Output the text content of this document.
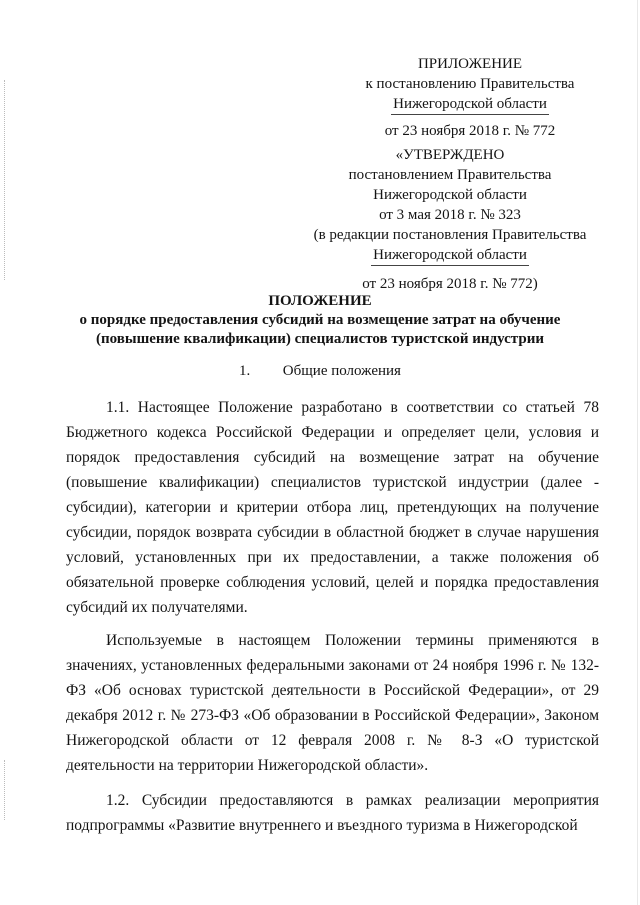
ПРИЛОЖЕНИЕ
к постановлению Правительства
Нижегородской области
от 23 ноября 2018 г. № 772
«УТВЕРЖДЕНО
постановлением Правительства
Нижегородской области
от 3 мая 2018 г. № 323
(в редакции постановления Правительства
Нижегородской области
от 23 ноября 2018 г. № 772)
ПОЛОЖЕНИЕ
о порядке предоставления субсидий на возмещение затрат на обучение
(повышение квалификации) специалистов туристской индустрии
1. Общие положения
1.1. Настоящее Положение разработано в соответствии со статьей 78 Бюджетного кодекса Российской Федерации и определяет цели, условия и порядок предоставления субсидий на возмещение затрат на обучение (повышение квалификации) специалистов туристской индустрии (далее - субсидии), категории и критерии отбора лиц, претендующих на получение субсидии, порядок возврата субсидии в областной бюджет в случае нарушения условий, установленных при их предоставлении, а также положения об обязательной проверке соблюдения условий, целей и порядка предоставления субсидий их получателями.
Используемые в настоящем Положении термины применяются в значениях, установленных федеральными законами от 24 ноября 1996 г. № 132-ФЗ «Об основах туристской деятельности в Российской Федерации», от 29 декабря 2012 г. № 273-ФЗ «Об образовании в Российской Федерации», Законом Нижегородской области от 12 февраля 2008 г. № 8-З «О туристской деятельности на территории Нижегородской области».
1.2. Субсидии предоставляются в рамках реализации мероприятия подпрограммы «Развитие внутреннего и въездного туризма в Нижегородской
